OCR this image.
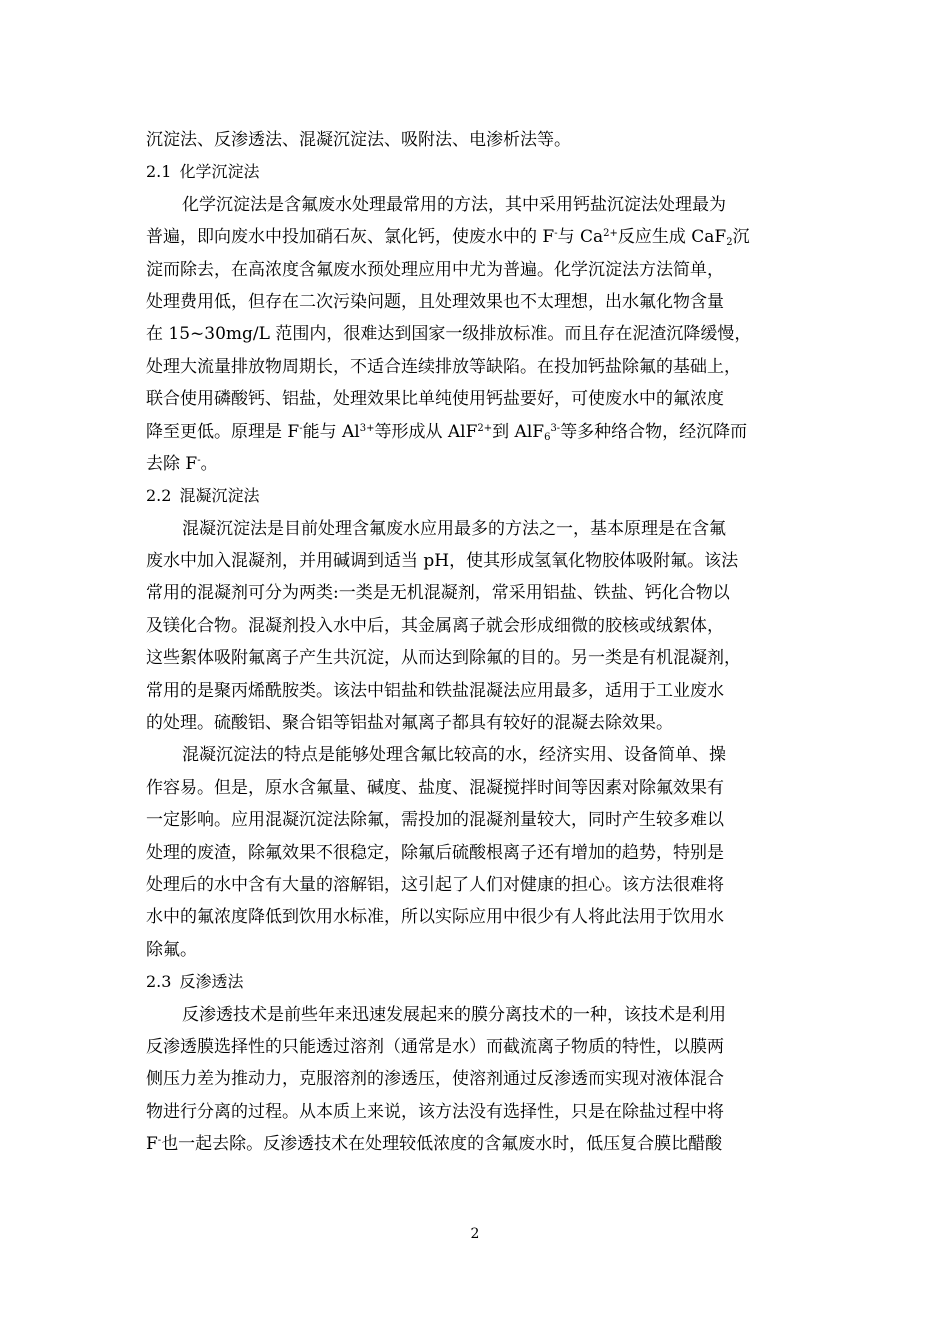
沉淀法、反渗透法、混凝沉淀法、吸附法、电渗析法等。
2.1 化学沉淀法
化学沉淀法是含氟废水处理最常用的方法，其中采用钙盐沉淀法处理最为
普遍，即向废水中投加硝石灰、氯化钙，使废水中的 F-与 $Ca^{2+}$反应生成 CaF$_2$沉
淀而除去，在高浓度含氟废水预处理应用中尤为普遍。化学沉淀法方法简单，
处理费用低，但存在二次污染问题，且处理效果也不太理想，出水氟化物含量
在 15~30mg/L 范围内，很难达到国家一级排放标准。而且存在泥渣沉降缓慢，
处理大流量排放物周期长，不适合连续排放等缺陷。在投加钙盐除氟的基础上，
联合使用磷酸钙、铝盐，处理效果比单纯使用钙盐要好，可使废水中的氟浓度
降至更低。原理是 F-能与 $Al^{3+}$等形成从 AlF$^{2+}$到 AlF$_6^{3-}$等多种络合物，经沉降而
去除 F-。
2.2 混凝沉淀法
混凝沉淀法是目前处理含氟废水应用最多的方法之一，基本原理是在含氟
废水中加入混凝剂，并用碱调到适当 pH，使其形成氢氧化物胶体吸附氟。该法
常用的混凝剂可分为两类:一类是无机混凝剂，常采用铝盐、铁盐、钙化合物以
及镁化合物。混凝剂投入水中后，其金属离子就会形成细微的胶核或绒絮体，
这些絮体吸附氟离子产生共沉淀，从而达到除氟的目的。另一类是有机混凝剂，
常用的是聚丙烯酰胺类。该法中铝盐和铁盐混凝法应用最多，适用于工业废水
的处理。硫酸铝、聚合铝等铝盐对氟离子都具有较好的混凝去除效果。
混凝沉淀法的特点是能够处理含氟比较高的水，经济实用、设备简单、操
作容易。但是，原水含氟量、碱度、盐度、混凝搅拌时间等因素对除氟效果有
一定影响。应用混凝沉淀法除氟，需投加的混凝剂量较大，同时产生较多难以
处理的废渣，除氟效果不很稳定，除氟后硫酸根离子还有增加的趋势，特别是
处理后的水中含有大量的溶解铝，这引起了人们对健康的担心。该方法很难将
水中的氟浓度降低到饮用水标准，所以实际应用中很少有人将此法用于饮用水
除氟。
2.3 反渗透法
反渗透技术是前些年来迅速发展起来的膜分离技术的一种，该技术是利用
反渗透膜选择性的只能透过溶剂（通常是水）而截流离子物质的特性，以膜两
侧压力差为推动力，克服溶剂的渗透压，使溶剂通过反渗透而实现对液体混合
物进行分离的过程。从本质上来说，该方法没有选择性，只是在除盐过程中将
F-也一起去除。反渗透技术在处理较低浓度的含氟废水时，低压复合膜比醋酸
2
